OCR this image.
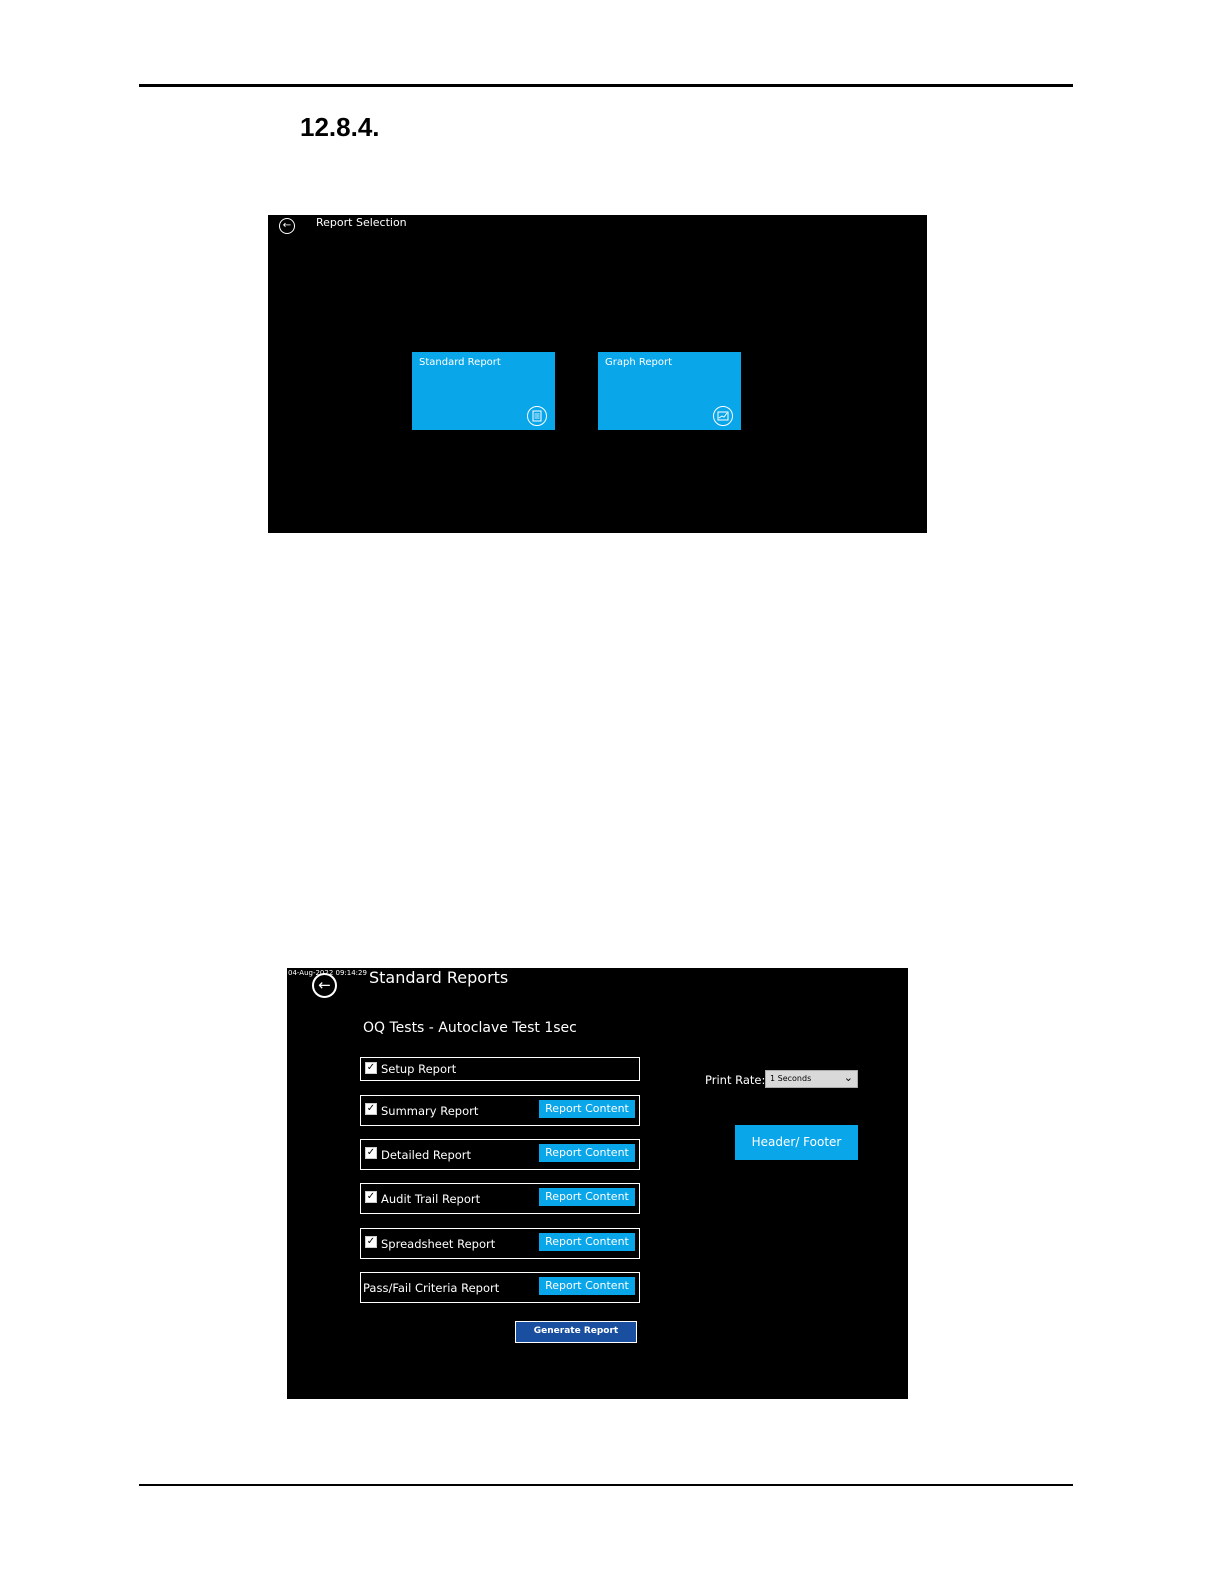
12.8.4.
←	Report Selection
Standard Report	Graph Report
04-Aug-2022 09:14:29
←	Standard Reports
OQ Tests - Autoclave Test 1sec
✓ Setup Report
✓ Summary Report	Report Content
✓ Detailed Report	Report Content
✓ Audit Trail Report	Report Content
✓ Spreadsheet Report	Report Content
Pass/Fail Criteria Report	Report Content
Print Rate: 1 Seconds	⌄
Header/ Footer
Generate Report
